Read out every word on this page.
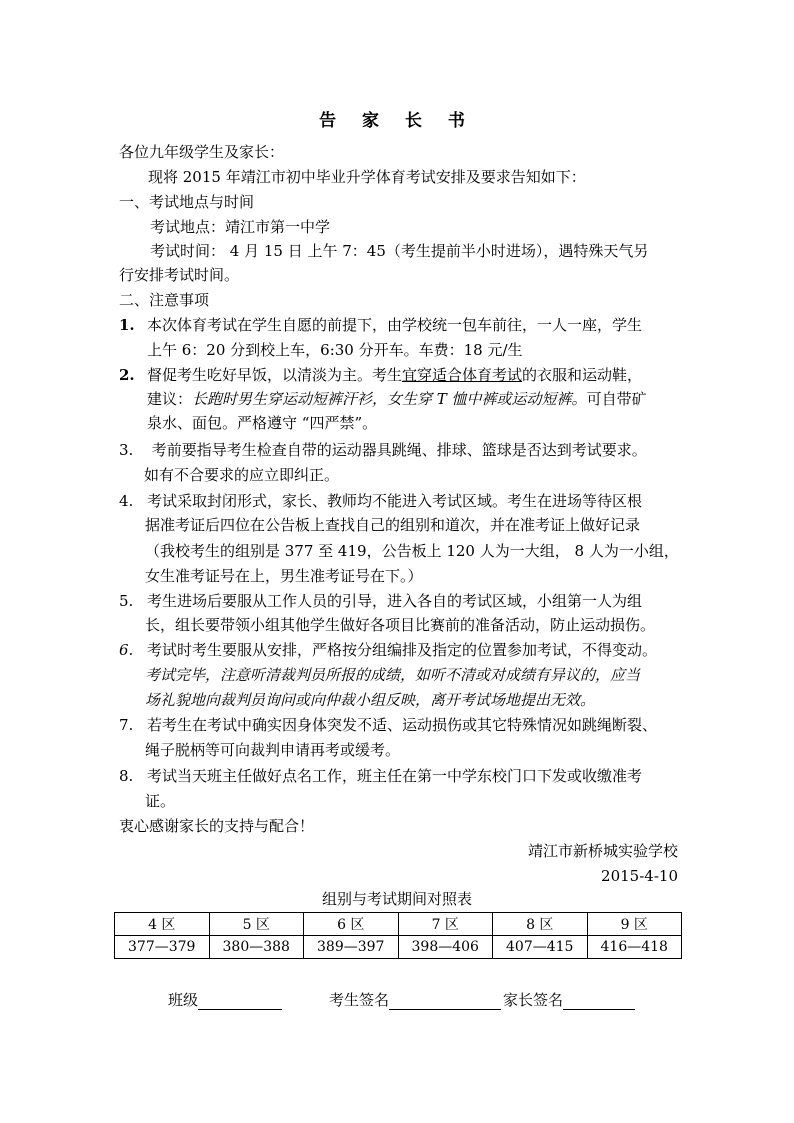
告 家 长 书
各位九年级学生及家长：
现将 2015 年靖江市初中毕业升学体育考试安排及要求告知如下：
一、考试地点与时间
考试地点：靖江市第一中学
考试时间： 4 月 15 日 上午 7：45（考生提前半小时进场），遇特殊天气另
行安排考试时间。
二、注意事项
1. 本次体育考试在学生自愿的前提下，由学校统一包车前往，一人一座，学生
上午 6：20 分到校上车，6:30 分开车。车费：18 元/生
2. 督促考生吃好早饭，以清淡为主。考生宜穿适合体育考试的衣服和运动鞋，
建议：长跑时男生穿运动短裤汗衫，女生穿 T 恤中裤或运动短裤。可自带矿
泉水、面包。严格遵守 “四严禁”。
3. 考前要指导考生检查自带的运动器具跳绳、排球、篮球是否达到考试要求。
如有不合要求的应立即纠正。
4. 考试采取封闭形式，家长、教师均不能进入考试区域。考生在进场等待区根
据准考证后四位在公告板上查找自己的组别和道次，并在准考证上做好记录
（我校考生的组别是 377 至 419，公告板上 120 人为一大组， 8 人为一小组，
女生准考证号在上，男生准考证号在下。）
5. 考生进场后要服从工作人员的引导，进入各自的考试区域，小组第一人为组
长，组长要带领小组其他学生做好各项目比赛前的准备活动，防止运动损伤。
6. 考试时考生要服从安排，严格按分组编排及指定的位置参加考试，不得变动。
考试完毕，注意听清裁判员所报的成绩，如听不清或对成绩有异议的，应当
场礼貌地向裁判员询问或向仲裁小组反映，离开考试场地提出无效。
7. 若考生在考试中确实因身体突发不适、运动损伤或其它特殊情况如跳绳断裂、
绳子脱柄等可向裁判申请再考或缓考。
8. 考试当天班主任做好点名工作，班主任在第一中学东校门口下发或收缴准考
证。
衷心感谢家长的支持与配合！
靖江市新桥城实验学校
2015-4-10
组别与考试期间对照表
4 区	5 区	6 区	7 区	8 区	9 区
377—379	380—388	389—397	398—406	407—415	416—418
班级	考生签名	家长签名
